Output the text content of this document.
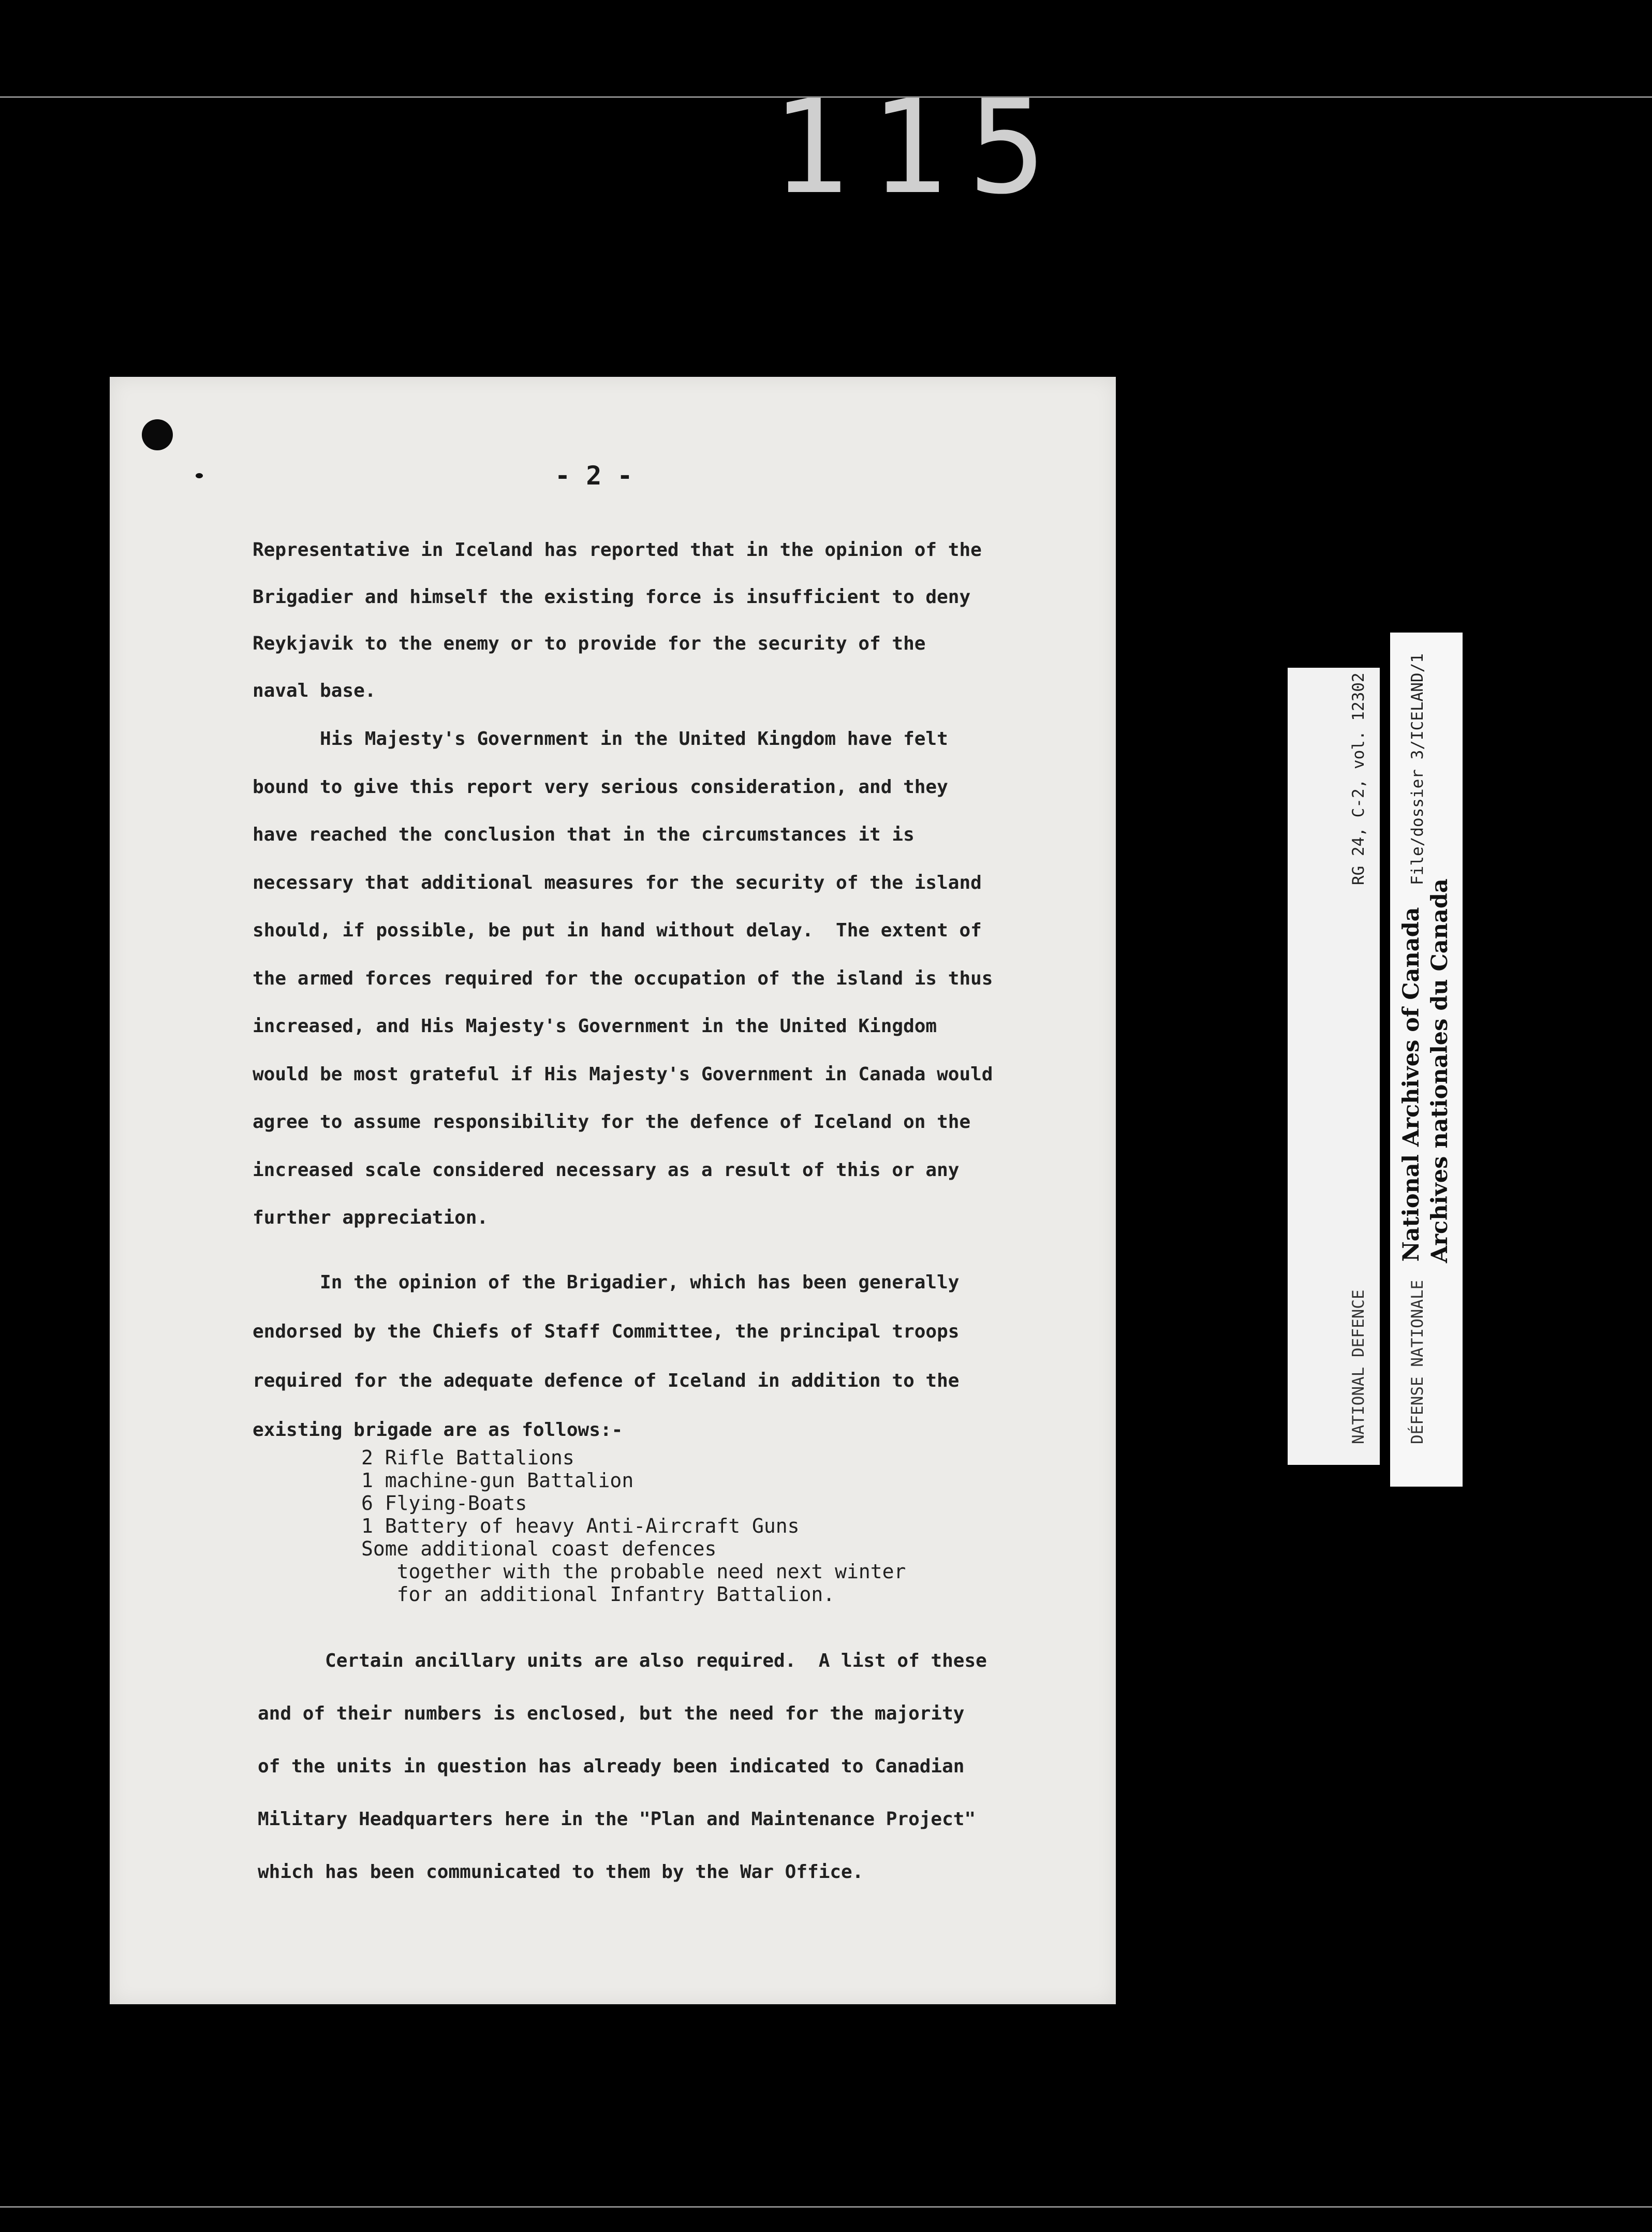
115
- 2 -
Representative in Iceland has reported that in the opinion of the
Brigadier and himself the existing force is insufficient to deny
Reykjavik to the enemy or to provide for the security of the
naval base.
His Majesty's Government in the United Kingdom have felt
bound to give this report very serious consideration, and they
have reached the conclusion that in the circumstances it is
necessary that additional measures for the security of the island
should, if possible, be put in hand without delay.  The extent of
the armed forces required for the occupation of the island is thus
increased, and His Majesty's Government in the United Kingdom
would be most grateful if His Majesty's Government in Canada would
agree to assume responsibility for the defence of Iceland on the
increased scale considered necessary as a result of this or any
further appreciation.
In the opinion of the Brigadier, which has been generally
endorsed by the Chiefs of Staff Committee, the principal troops
required for the adequate defence of Iceland in addition to the
existing brigade are as follows:-
2 Rifle Battalions
1 machine-gun Battalion
6 Flying-Boats
1 Battery of heavy Anti-Aircraft Guns
Some additional coast defences
together with the probable need next winter
for an additional Infantry Battalion.
Certain ancillary units are also required.  A list of these
and of their numbers is enclosed, but the need for the majority
of the units in question has already been indicated to Canadian
Military Headquarters here in the "Plan and Maintenance Project"
which has been communicated to them by the War Office.

RG 24, C-2, vol. 12302

	File/dossier 3/ICELAND/1

NATIONAL DEFENCE

	DÉFENSE NATIONALE

National Archives of Canada Archives nationales du Canada
